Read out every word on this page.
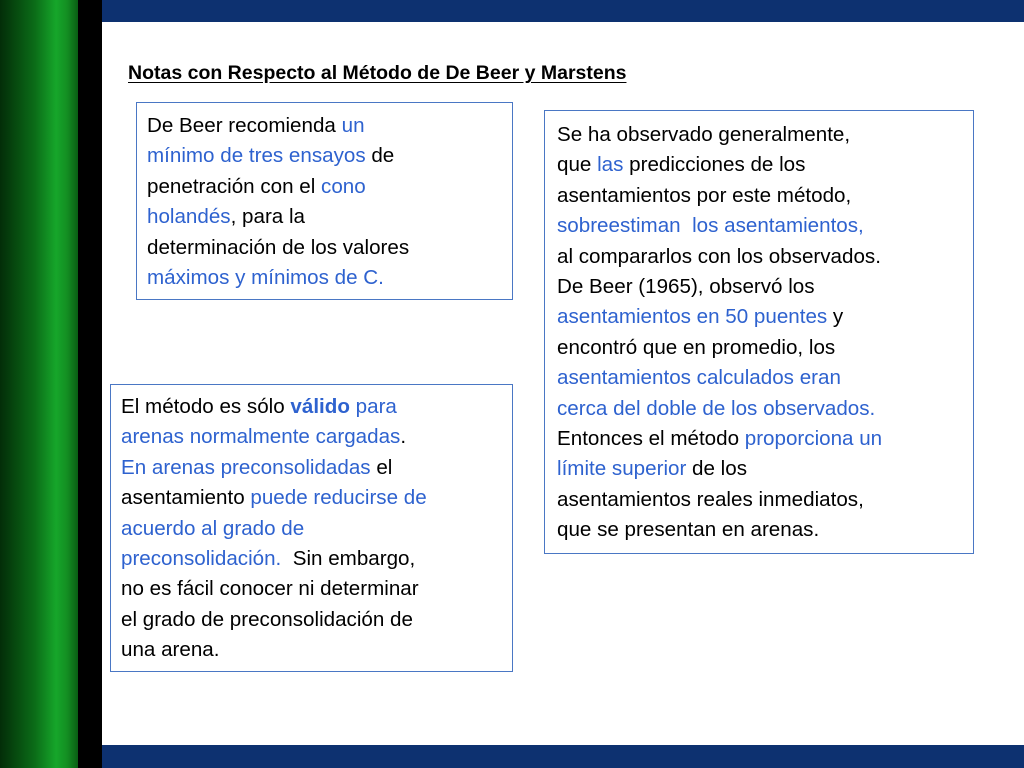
Notas con Respecto al Método de De Beer y Marstens

De Beer recomienda un

mínimo de tres ensayos de

penetración con el cono

holandés, para la

determinación de los valores

máximos y mínimos de C.

Se ha observado generalmente,

que las predicciones de los

asentamientos por este método,

sobreestiman  los asentamientos,

al compararlos con los observados.

De Beer (1965), observó los

asentamientos en 50 puentes y

encontró que en promedio, los

asentamientos calculados eran

cerca del doble de los observados.

Entonces el método proporciona un

límite superior de los

asentamientos reales inmediatos,

que se presentan en arenas.

El método es sólo válido para

arenas normalmente cargadas.

En arenas preconsolidadas el

asentamiento puede reducirse de

acuerdo al grado de

preconsolidación.  Sin embargo,

no es fácil conocer ni determinar

el grado de preconsolidación de

una arena.
